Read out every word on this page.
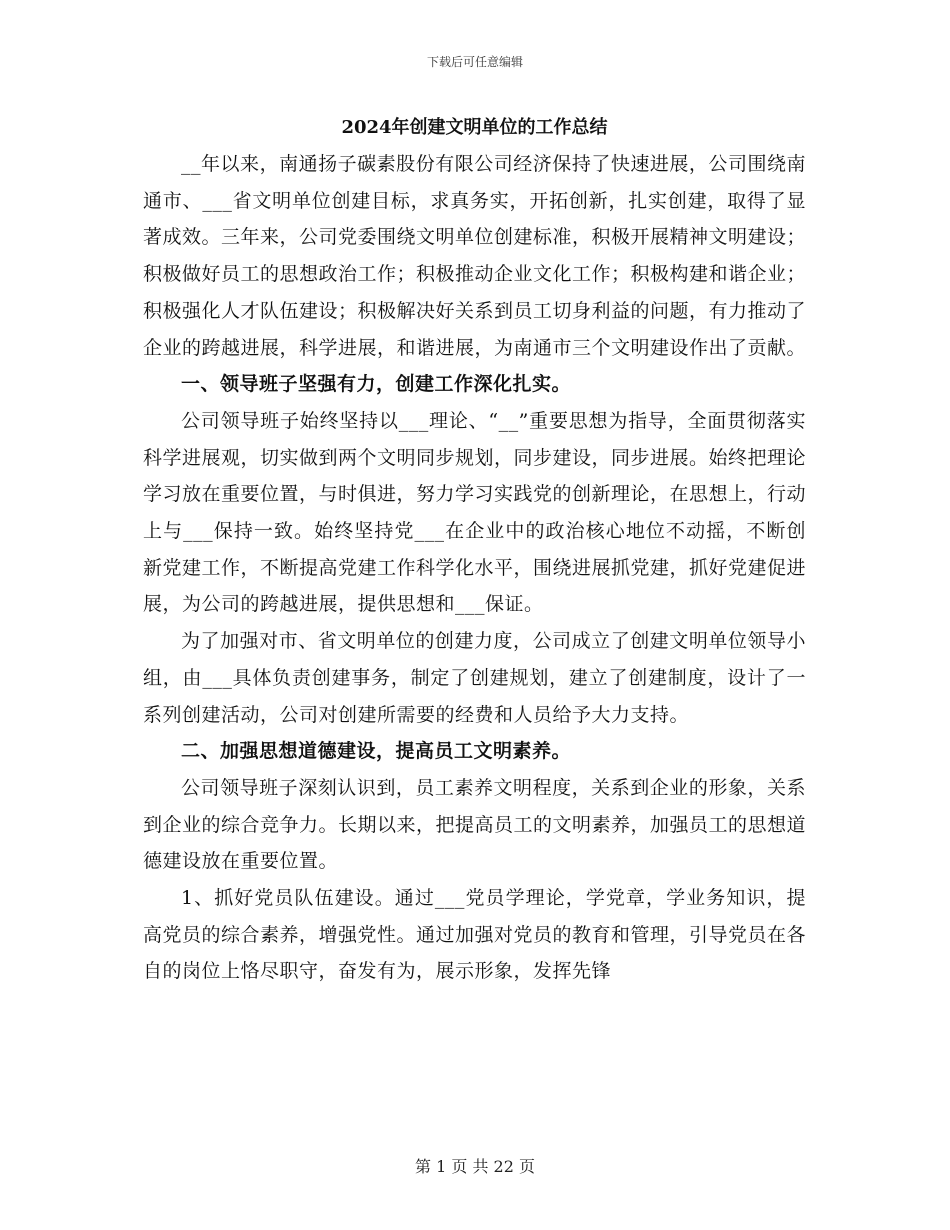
下载后可任意编辑
2024年创建文明单位的工作总结

__年以来，南通扬子碳素股份有限公司经济保持了快速进展，公司围绕南通市、___省文明单位创建目标，求真务实，开拓创新，扎实创建，取得了显著成效。三年来，公司党委围绕文明单位创建标准，积极开展精神文明建设；积极做好员工的思想政治工作；积极推动企业文化工作；积极构建和谐企业；积极强化人才队伍建设；积极解决好关系到员工切身利益的问题，有力推动了企业的跨越进展，科学进展，和谐进展，为南通市三个文明建设作出了贡献。

一、领导班子坚强有力，创建工作深化扎实。

公司领导班子始终坚持以___理论、“__”重要思想为指导，全面贯彻落实科学进展观，切实做到两个文明同步规划，同步建设，同步进展。始终把理论学习放在重要位置，与时俱进，努力学习实践党的创新理论，在思想上，行动上与___保持一致。始终坚持党___在企业中的政治核心地位不动摇，不断创新党建工作，不断提高党建工作科学化水平，围绕进展抓党建，抓好党建促进展，为公司的跨越进展，提供思想和___保证。

为了加强对市、省文明单位的创建力度，公司成立了创建文明单位领导小组，由___具体负责创建事务，制定了创建规划，建立了创建制度，设计了一系列创建活动，公司对创建所需要的经费和人员给予大力支持。

二、加强思想道德建设，提高员工文明素养。

公司领导班子深刻认识到，员工素养文明程度，关系到企业的形象，关系到企业的综合竞争力。长期以来，把提高员工的文明素养，加强员工的思想道德建设放在重要位置。

1、抓好党员队伍建设。通过___党员学理论，学党章，学业务知识，提高党员的综合素养，增强党性。通过加强对党员的教育和管理，引导党员在各自的岗位上恪尽职守，奋发有为，展示形象，发挥先锋

第 1 页 共 22 页
